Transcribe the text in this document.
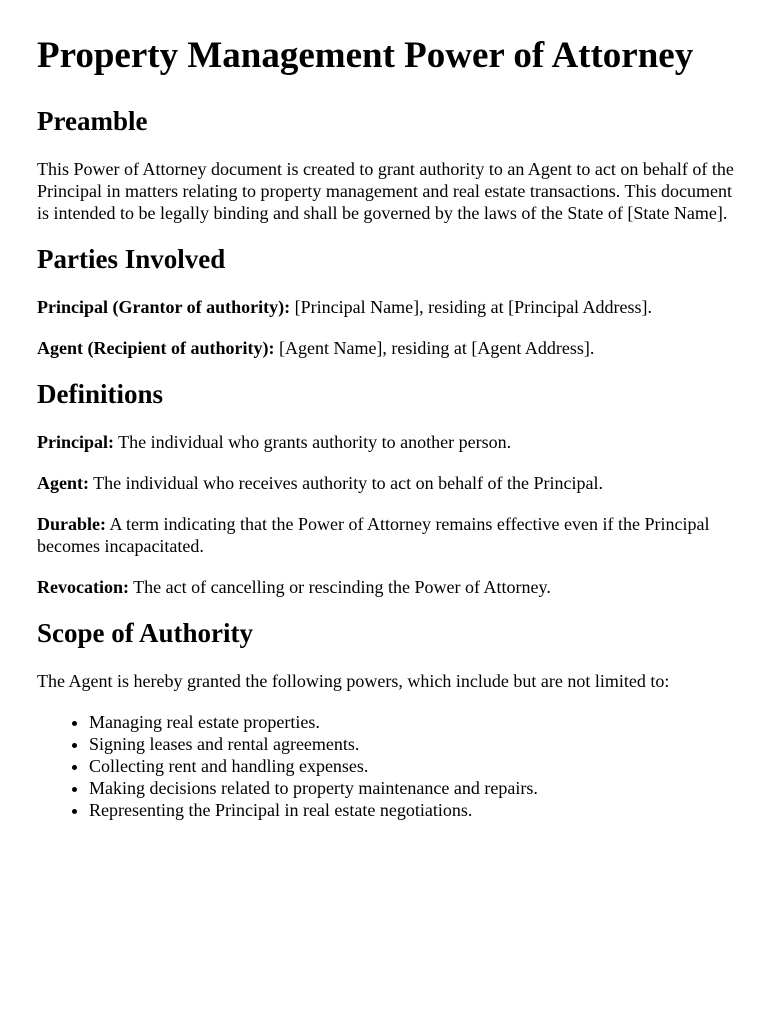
Property Management Power of Attorney
Preamble

This Power of Attorney document is created to grant authority to an Agent to act on behalf of the Principal in matters relating to property management and real estate transactions. This document is intended to be legally binding and shall be governed by the laws of the State of [State Name].

Parties Involved

Principal (Grantor of authority): [Principal Name], residing at [Principal Address].

Agent (Recipient of authority): [Agent Name], residing at [Agent Address].

Definitions

Principal: The individual who grants authority to another person.

Agent: The individual who receives authority to act on behalf of the Principal.

Durable: A term indicating that the Power of Attorney remains effective even if the Principal becomes incapacitated.

Revocation: The act of cancelling or rescinding the Power of Attorney.

Scope of Authority

The Agent is hereby granted the following powers, which include but are not limited to:

• Managing real estate properties.
• Signing leases and rental agreements.
• Collecting rent and handling expenses.
• Making decisions related to property maintenance and repairs.
• Representing the Principal in real estate negotiations.
